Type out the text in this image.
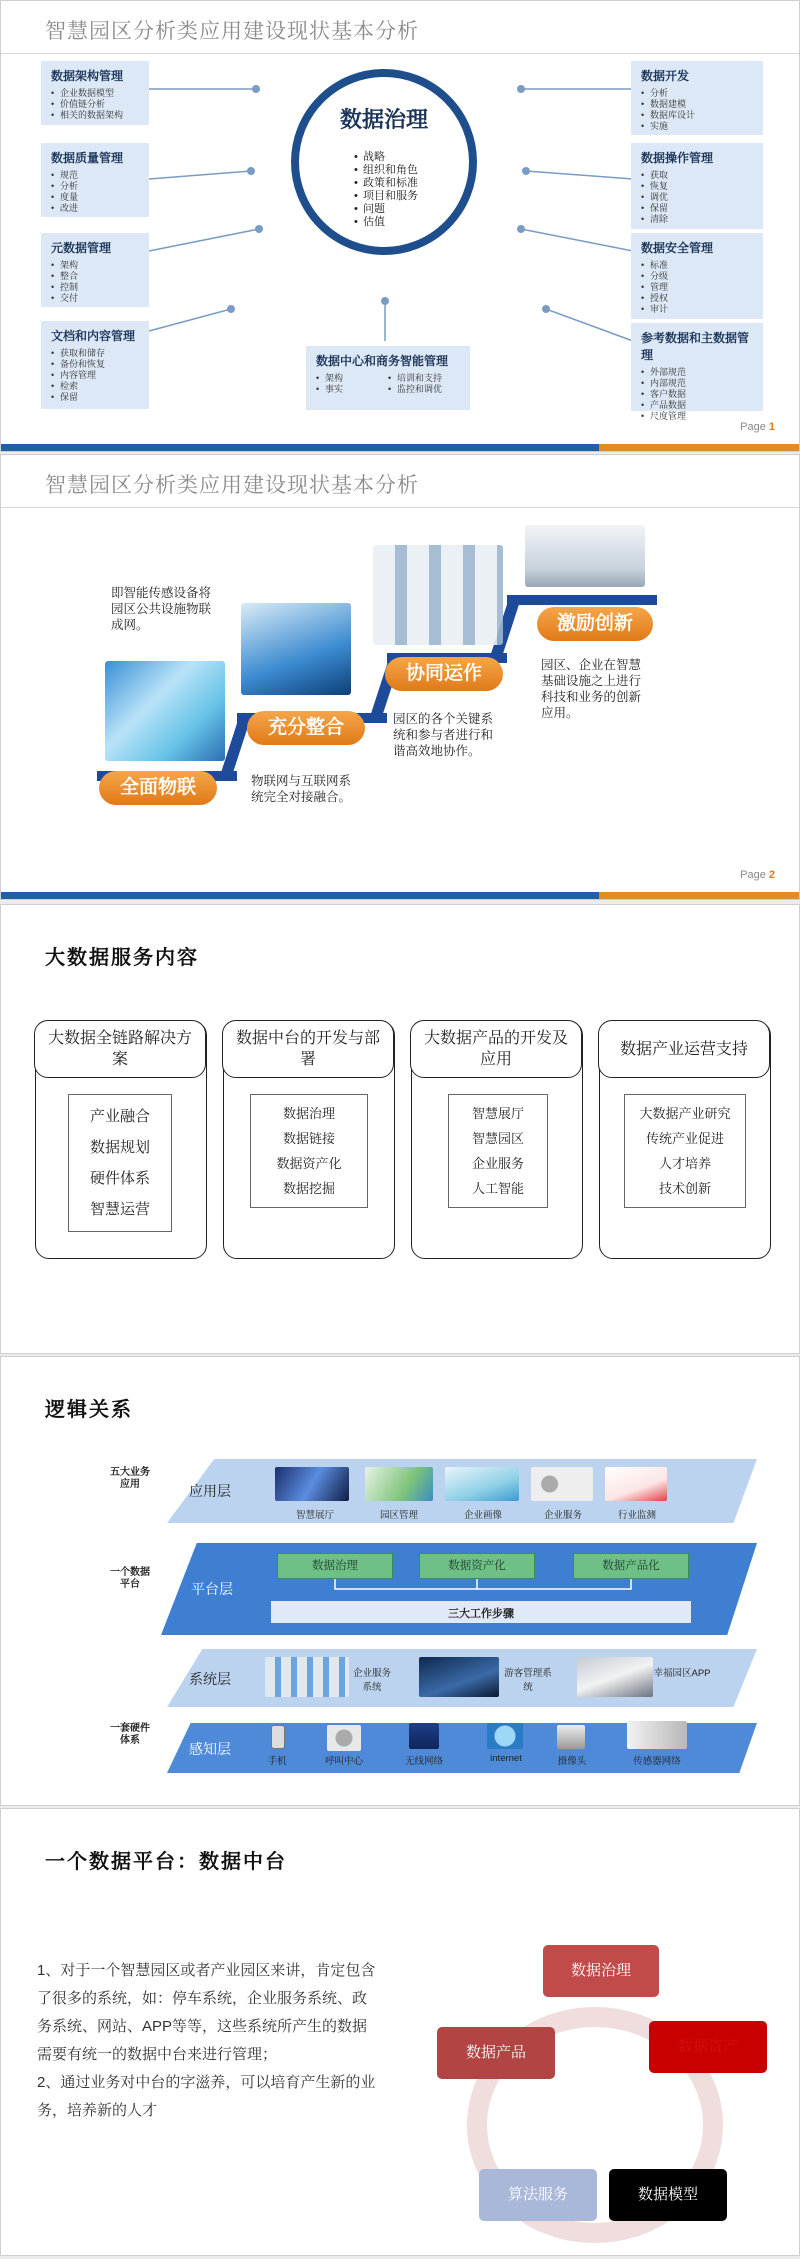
智慧园区分析类应用建设现状基本分析
数据治理
• 战略
• 组织和角色
• 政策和标准
• 项目和服务
• 问题
• 估值
数据架构管理
• 企业数据模型
• 价值链分析
• 相关的数据架构
数据质量管理
• 规范
• 分析
• 度量
• 改进
元数据管理
• 架构
• 整合
• 控制
• 交付
文档和内容管理
• 获取和储存
• 备份和恢复
• 内容管理
• 检索
• 保留
数据开发
• 分析
• 数据建模
• 数据库设计
• 实施
数据操作管理
• 获取
• 恢复
• 调优
• 保留
• 清除
数据安全管理
• 标准
• 分级
• 管理
• 授权
• 审计
参考数据和主数据管理
• 外部规范
• 内部规范
• 客户数据
• 产品数据
• 尺度管理
数据中心和商务智能管理
• 架构
• 事实
• 培训和支持
• 监控和调优
Page 1
智慧园区分析类应用建设现状基本分析
全面物联
充分整合
协同运作
激励创新
即智能传感设备将园区公共设施物联成网。
物联网与互联网系统完全对接融合。
园区的各个关键系统和参与者进行和谐高效地协作。
园区、企业在智慧基础设施之上进行科技和业务的创新应用。
Page 2
大数据服务内容
大数据全链路解决方案
产业融合
数据规划
硬件体系
智慧运营
数据中台的开发与部署
数据治理
数据链接
数据资产化
数据挖掘
大数据产品的开发及应用
智慧展厅
智慧园区
企业服务
人工智能
数据产业运营支持
大数据产业研究
传统产业促进
人才培养
技术创新
逻辑关系
五大业务应用
一个数据平台
一套硬件体系
应用层
智慧展厅	园区管理	企业画像	企业服务	行业监测
平台层
数据治理	数据资产化	数据产品化
三大工作步骤
系统层	企业服务系统
游客管理系统
幸福园区APP
感知层
手机	呼叫中心	无线网络	internet	摄像头	传感器网络
一个数据平台：数据中台
1、对于一个智慧园区或者产业园区来讲，肯定包含了很多的系统，如：停车系统，企业服务系统、政务系统、网站、APP等等，这些系统所产生的数据需要有统一的数据中台来进行管理；
2、通过业务对中台的字滋养，可以培育产生新的业务，培养新的人才
数据治理
数据资产
数据模型
算法服务
数据产品
